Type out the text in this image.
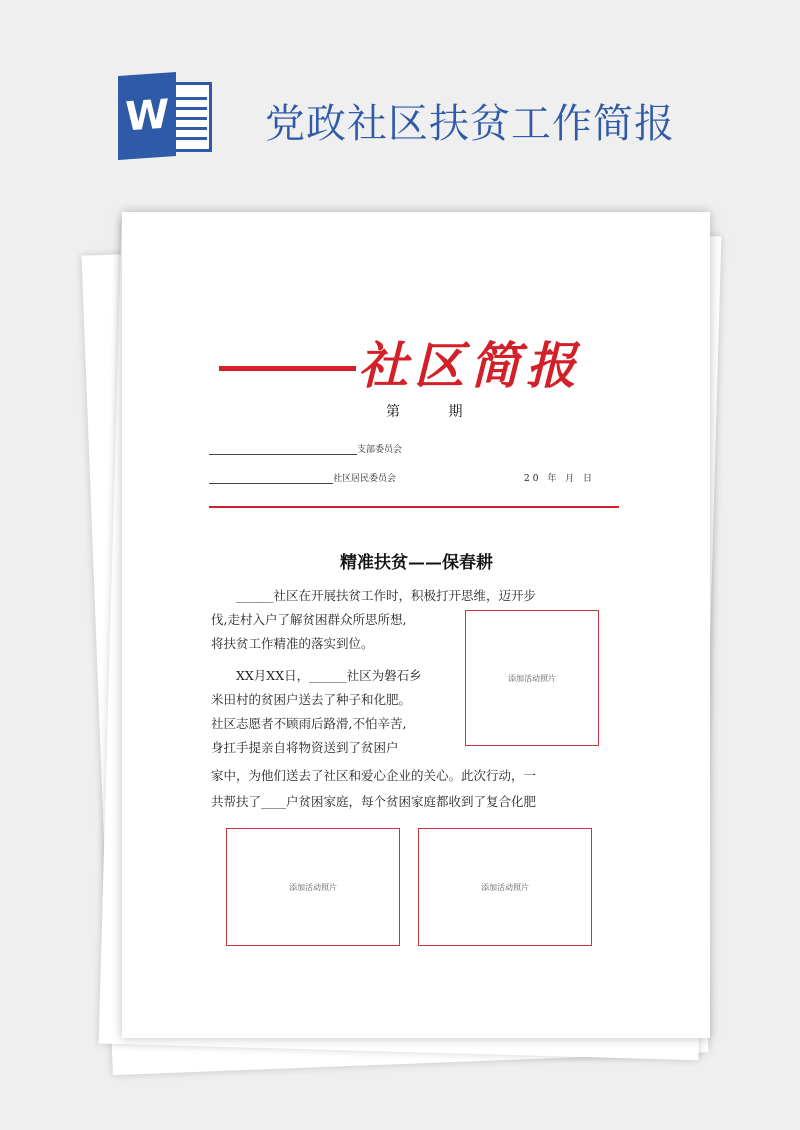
W 党政社区扶贫工作简报
社区简报
第 期
支部委员会
社区居民委员会	20 年 月 日
精准扶贫——保春耕
______社区在开展扶贫工作时，积极打开思维，迈开步
伐,走村入户了解贫困群众所思所想,
将扶贫工作精准的落实到位。
XX月XX日，______社区为磐石乡
米田村的贫困户送去了种子和化肥。
社区志愿者不顾雨后路滑,不怕辛苦,
身扛手提亲自将物资送到了贫困户
家中，为他们送去了社区和爱心企业的关心。此次行动，一
共帮扶了____户贫困家庭，每个贫困家庭都收到了复合化肥
添加活动照片
添加活动照片	添加活动照片
